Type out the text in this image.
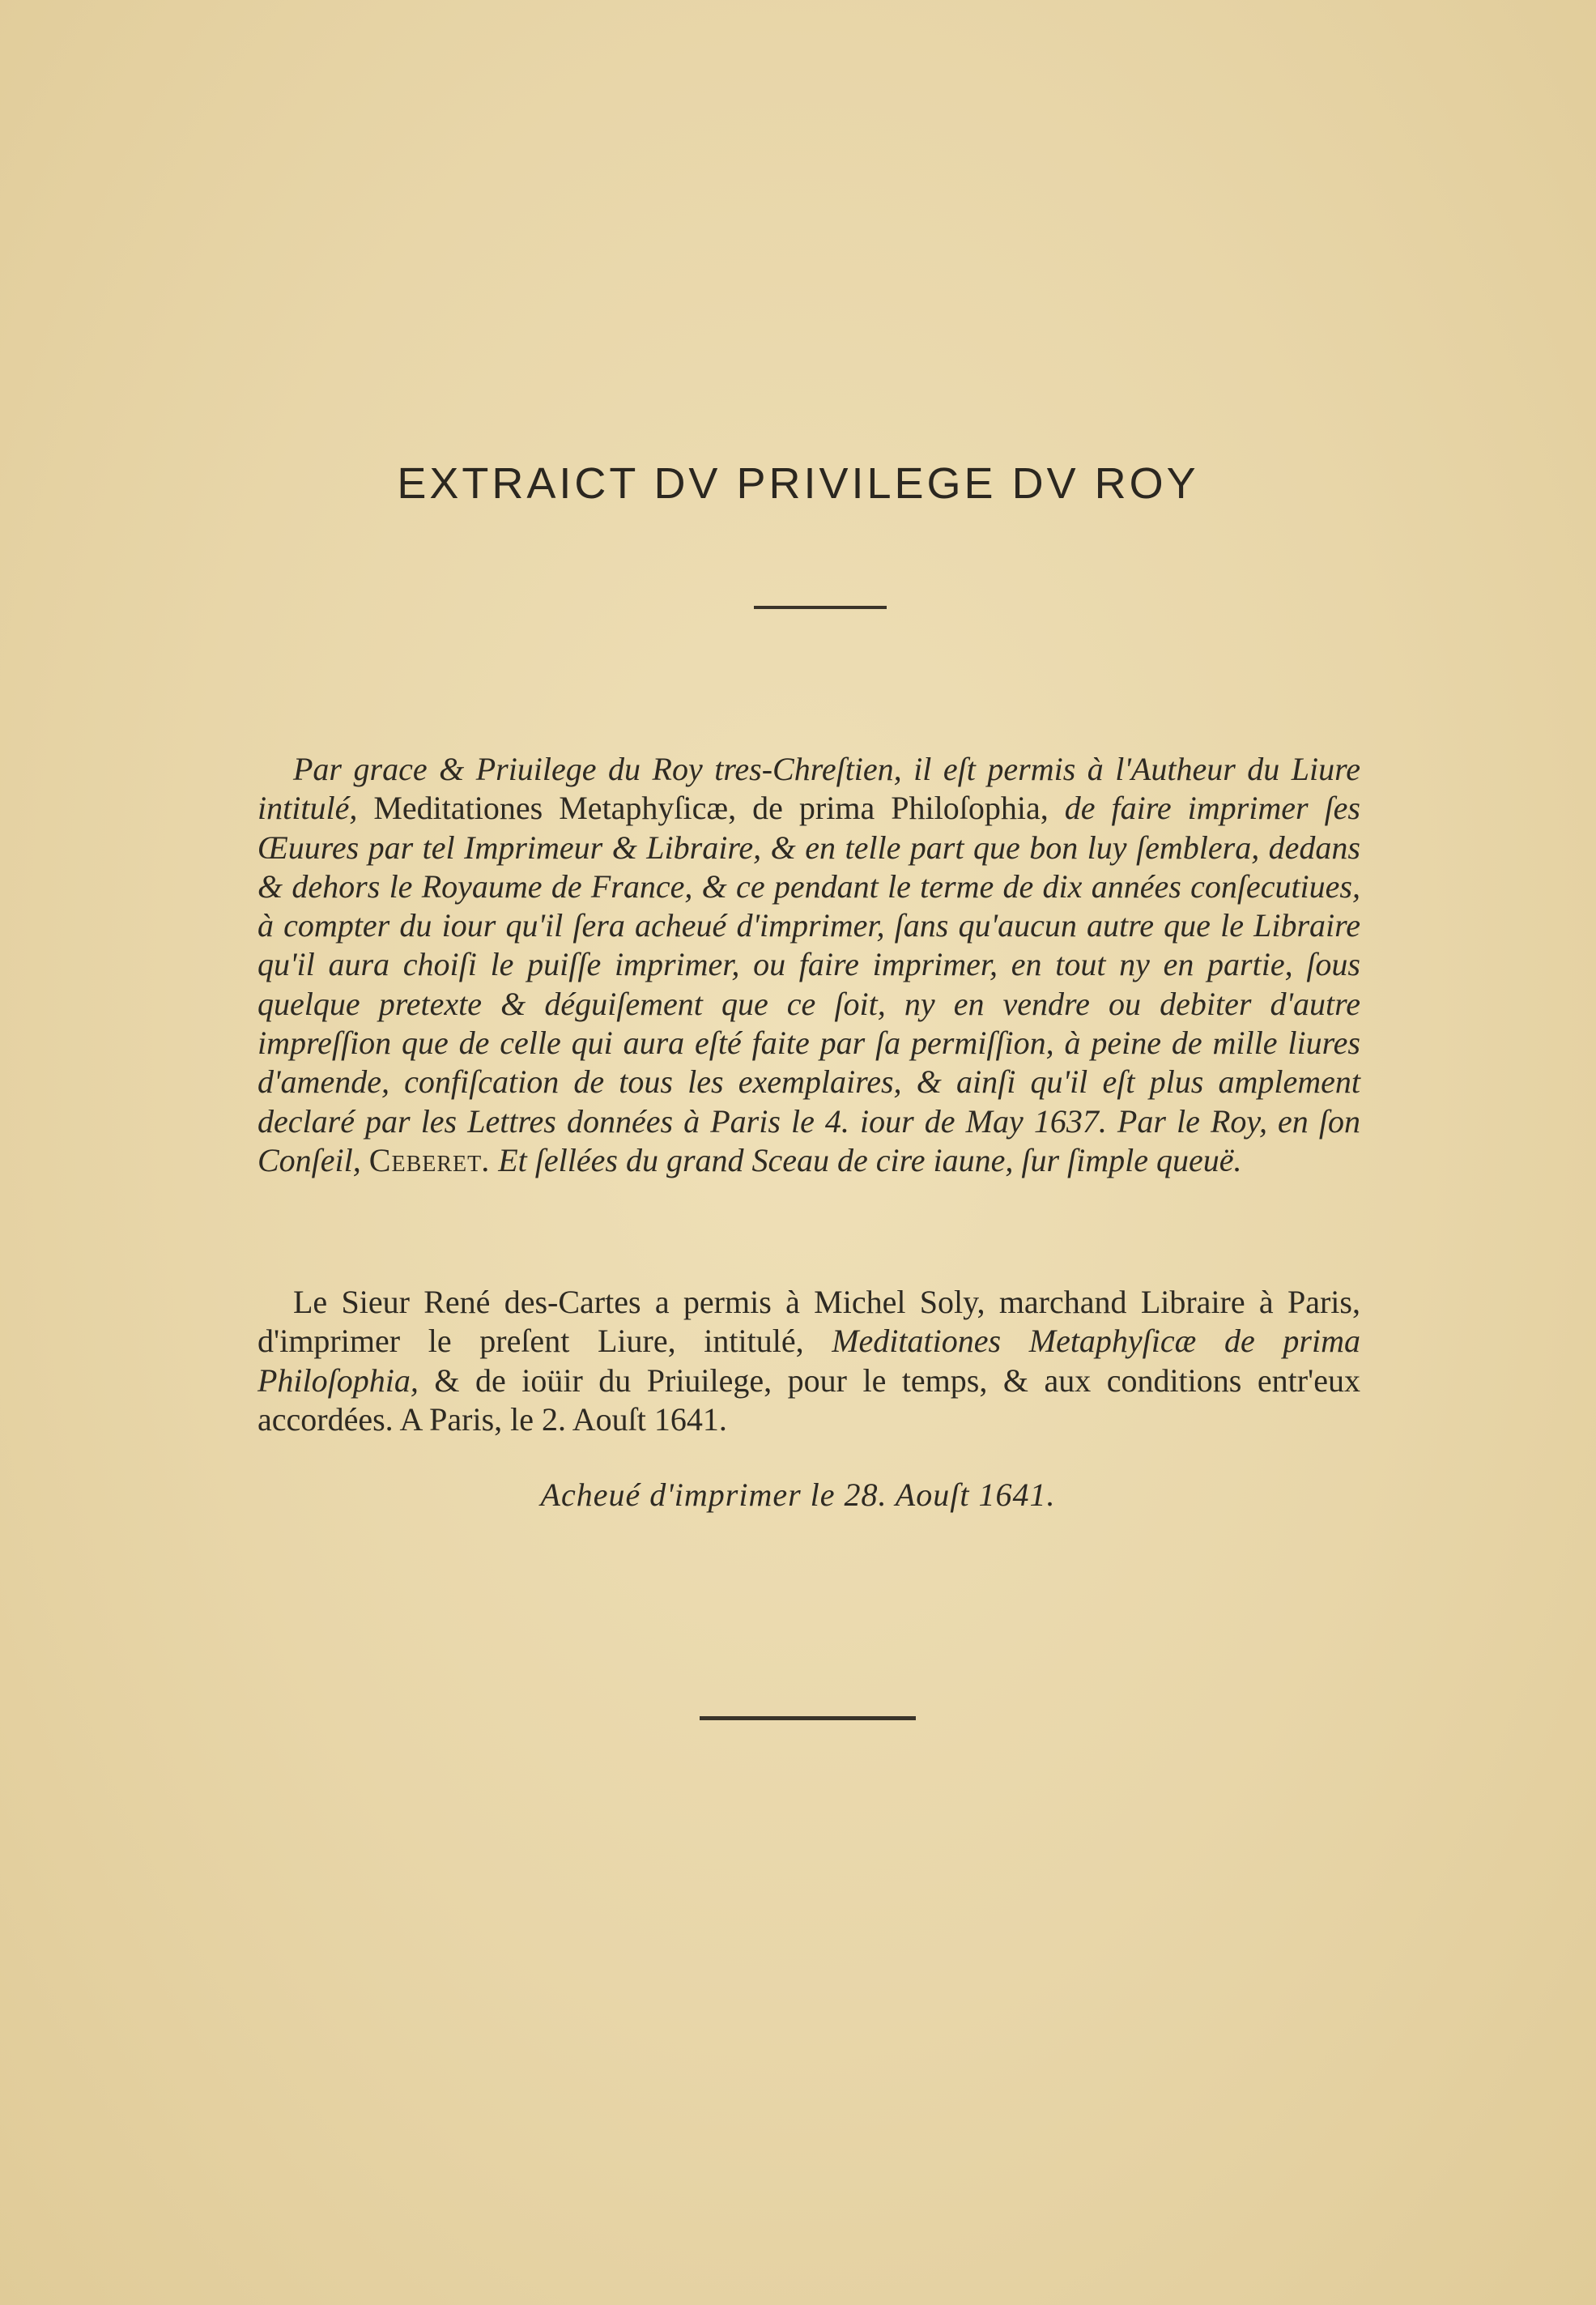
EXTRAICT DV PRIVILEGE DV ROY

Par grace & Priuilege du Roy tres-Chreſtien, il eſt permis à l'Autheur du Liure intitulé, Meditationes Metaphyſicæ, de prima Philoſophia, de faire imprimer ſes Œuures par tel Imprimeur & Libraire, & en telle part que bon luy ſemblera, dedans & dehors le Royaume de France, & ce pendant le terme de dix années conſecutiues, à compter du iour qu'il ſera acheué d'imprimer, ſans qu'aucun autre que le Libraire qu'il aura choiſi le puiſſe imprimer, ou faire imprimer, en tout ny en partie, ſous quelque pretexte & déguiſement que ce ſoit, ny en vendre ou debiter d'autre impreſſion que de celle qui aura eſté faite par ſa permiſſion, à peine de mille liures d'amende, confiſcation de tous les exemplaires, & ainſi qu'il eſt plus amplement declaré par les Lettres données à Paris le 4. iour de May 1637. Par le Roy, en ſon Conſeil, Ceberet. Et ſellées du grand Sceau de cire iaune, ſur ſimple queuë.

Le Sieur René des-Cartes a permis à Michel Soly, marchand Libraire à Paris, d'imprimer le preſent Liure, intitulé, Meditationes Metaphyſicæ de prima Philoſophia, & de ioüir du Priuilege, pour le temps, & aux conditions entr'eux accordées. A Paris, le 2. Aouſt 1641.

Acheué d'imprimer le 28. Aouſt 1641.
